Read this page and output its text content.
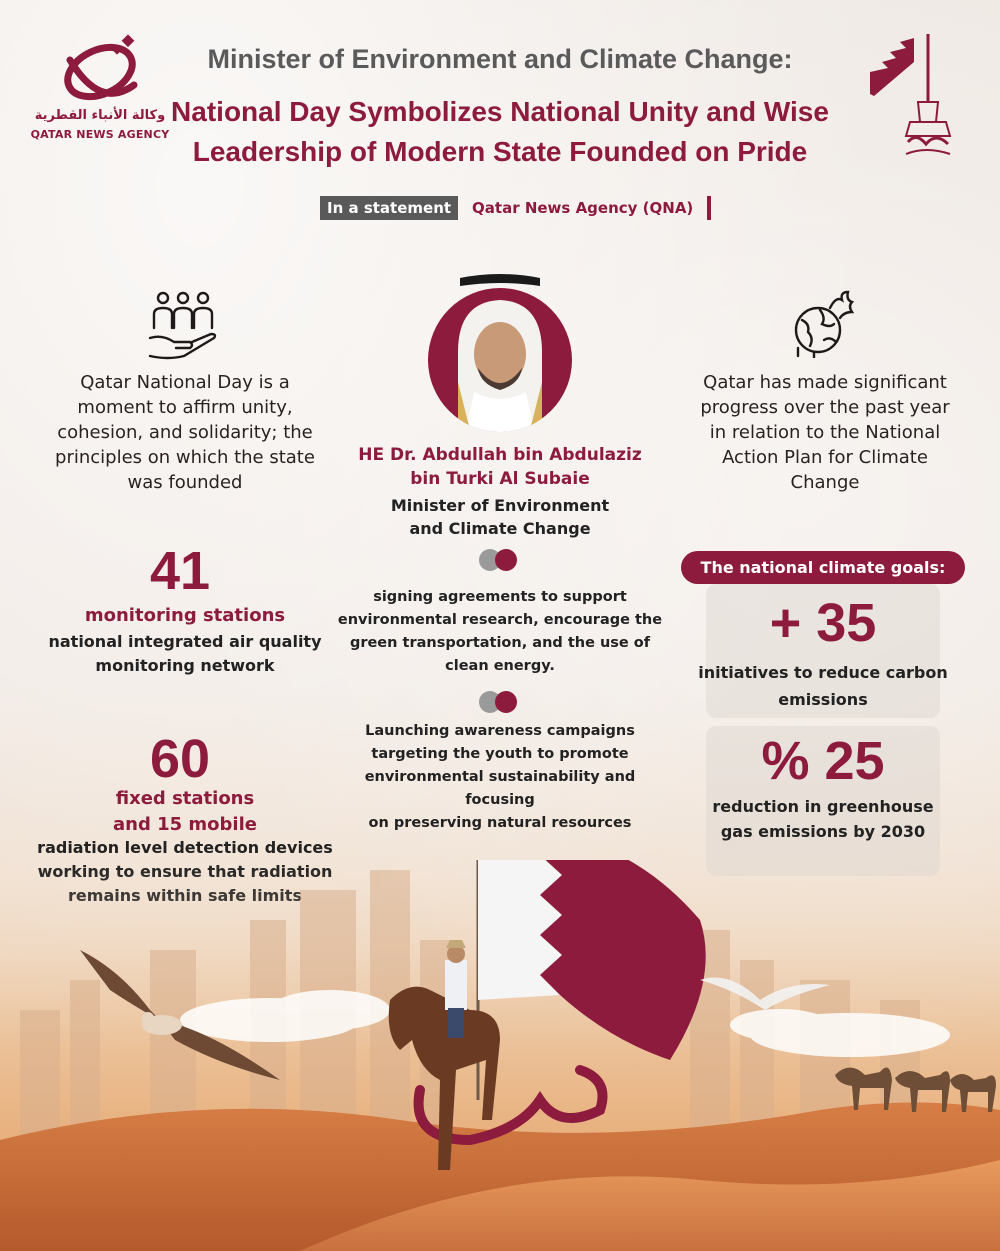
وكالة الأنباء القطرية
QATAR NEWS AGENCY
Minister of Environment and Climate Change:
National Day Symbolizes National Unity and Wise
Leadership of Modern State Founded on Pride
In a statement	Qatar News Agency (QNA)
Qatar National Day is a
moment to affirm unity,
cohesion, and solidarity; the
principles on which the state
was founded
Qatar has made significant
progress over the past year
in relation to the National
Action Plan for Climate
Change
HE Dr. Abdullah bin Abdulaziz
bin Turki Al Subaie
Minister of Environment
and Climate Change
signing agreements to support
environmental research, encourage the
green transportation, and the use of
clean energy.
Launching awareness campaigns
targeting the youth to promote
environmental sustainability and focusing
on preserving natural resources
41
monitoring stations
national integrated air quality
monitoring network
60
fixed stations
and 15 mobile
radiation level detection devices
The national climate goals:
+ 35
initiatives to reduce carbon
emissions
% 25
reduction in greenhouse
gas emissions by 2030
